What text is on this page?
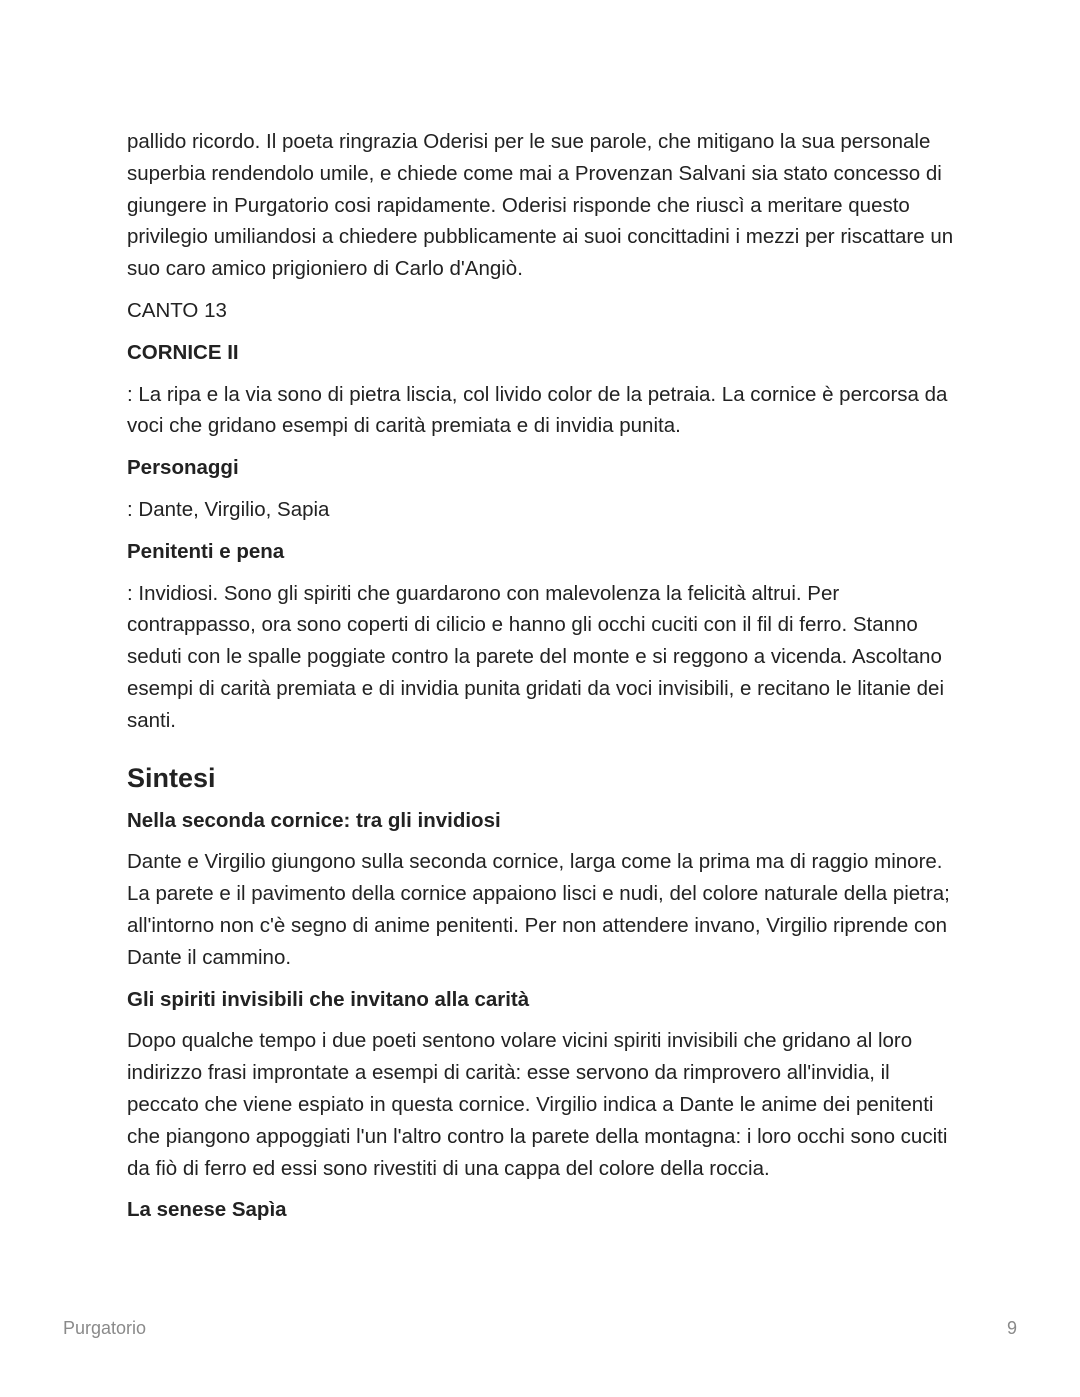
pallido ricordo. Il poeta ringrazia Oderisi per le sue parole, che mitigano la sua personale superbia rendendolo umile, e chiede come mai a Provenzan Salvani sia stato concesso di giungere in Purgatorio cosi rapidamente. Oderisi risponde che riuscì a meritare questo privilegio umiliandosi a chiedere pubblicamente ai suoi concittadini i mezzi per riscattare un suo caro amico prigioniero di Carlo d'Angiò.

CANTO 13

CORNICE II

: La ripa e la via sono di pietra liscia, col livido color de la petraia. La cornice è percorsa da voci che gridano esempi di carità premiata e di invidia punita.

Personaggi

: Dante, Virgilio, Sapia

Penitenti e pena

: Invidiosi. Sono gli spiriti che guardarono con malevolenza la felicità altrui. Per contrappasso, ora sono coperti di cilicio e hanno gli occhi cuciti con il fil di ferro. Stanno seduti con le spalle poggiate contro la parete del monte e si reggono a vicenda. Ascoltano esempi di carità premiata e di invidia punita gridati da voci invisibili, e recitano le litanie dei santi.

Sintesi

Nella seconda cornice: tra gli invidiosi

Dante e Virgilio giungono sulla seconda cornice, larga come la prima ma di raggio minore. La parete e il pavimento della cornice appaiono lisci e nudi, del colore naturale della pietra; all'intorno non c'è segno di anime penitenti. Per non attendere invano, Virgilio riprende con Dante il cammino.

Gli spiriti invisibili che invitano alla carità

Dopo qualche tempo i due poeti sentono volare vicini spiriti invisibili che gridano al loro indirizzo frasi improntate a esempi di carità: esse servono da rimprovero all'invidia, il peccato che viene espiato in questa cornice. Virgilio indica a Dante le anime dei penitenti che piangono appoggiati l'un l'altro contro la parete della montagna: i loro occhi sono cuciti da fiò di ferro ed essi sono rivestiti di una cappa del colore della roccia.

La senese Sapìa

Purgatorio	9
